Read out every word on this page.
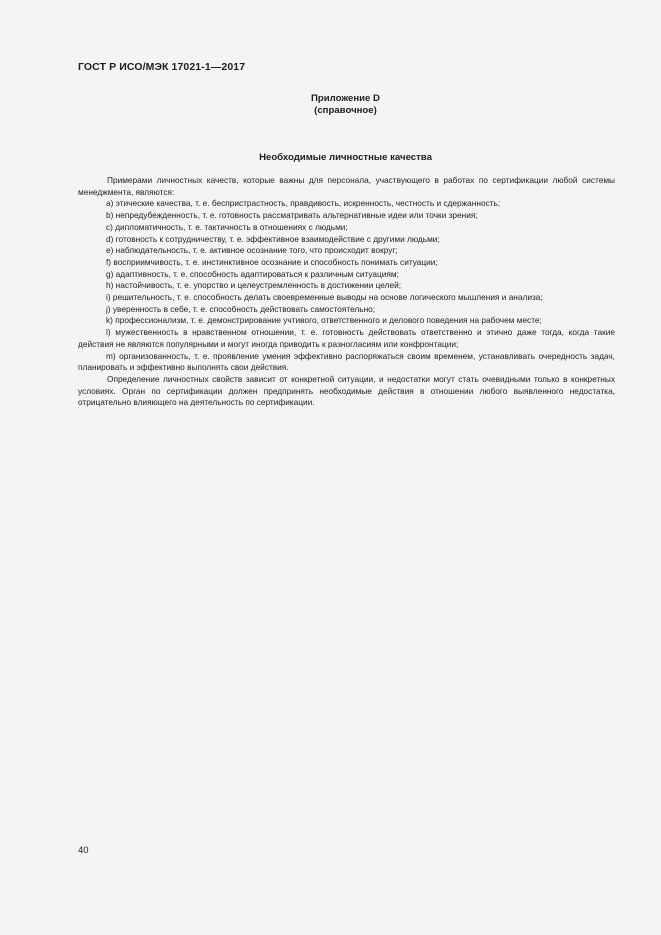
ГОСТ Р ИСО/МЭК 17021-1—2017
Приложение D
(справочное)
Необходимые личностные качества

Примерами личностных качеств, которые важны для персонала, участвующего в работах по сертификации любой системы менеджмента, являются:

a) этические качества, т. е. беспристрастность, правдивость, искренность, честность и сдержанность;

b) непредубежденность, т. е. готовность рассматривать альтернативные идеи или точки зрения;

c) дипломатичность, т. е. тактичность в отношениях с людьми;

d) готовность к сотрудничеству, т. е. эффективное взаимодействие с другими людьми;

e) наблюдательность, т. е. активное осознание того, что происходит вокруг;

f) восприимчивость, т. е. инстинктивное осознание и способность понимать ситуации;

g) адаптивность, т. е. способность адаптироваться к различным ситуациям;

h) настойчивость, т. е. упорство и целеустремленность в достижении целей;

i) решительность, т. е. способность делать своевременные выводы на основе логического мышления и анализа;

j) уверенность в себе, т. е. способность действовать самостоятельно;

k) профессионализм, т. е. демонстрирование учтивого, ответственного и делового поведения на рабочем месте;

l) мужественность в нравственном отношении, т. е. готовность действовать ответственно и этично даже тогда, когда такие действия не являются популярными и могут иногда приводить к разногласиям или конфронтации;

m) организованность, т. е. проявление умения эффективно распоряжаться своим временем, устанавливать очередность задач, планировать и эффективно выполнять свои действия.

Определение личностных свойств зависит от конкретной ситуации, и недостатки могут стать очевидными только в конкретных условиях. Орган по сертификации должен предпринять необходимые действия в отношении любого выявленного недостатка, отрицательно влияющего на деятельность по сертификации.

40
